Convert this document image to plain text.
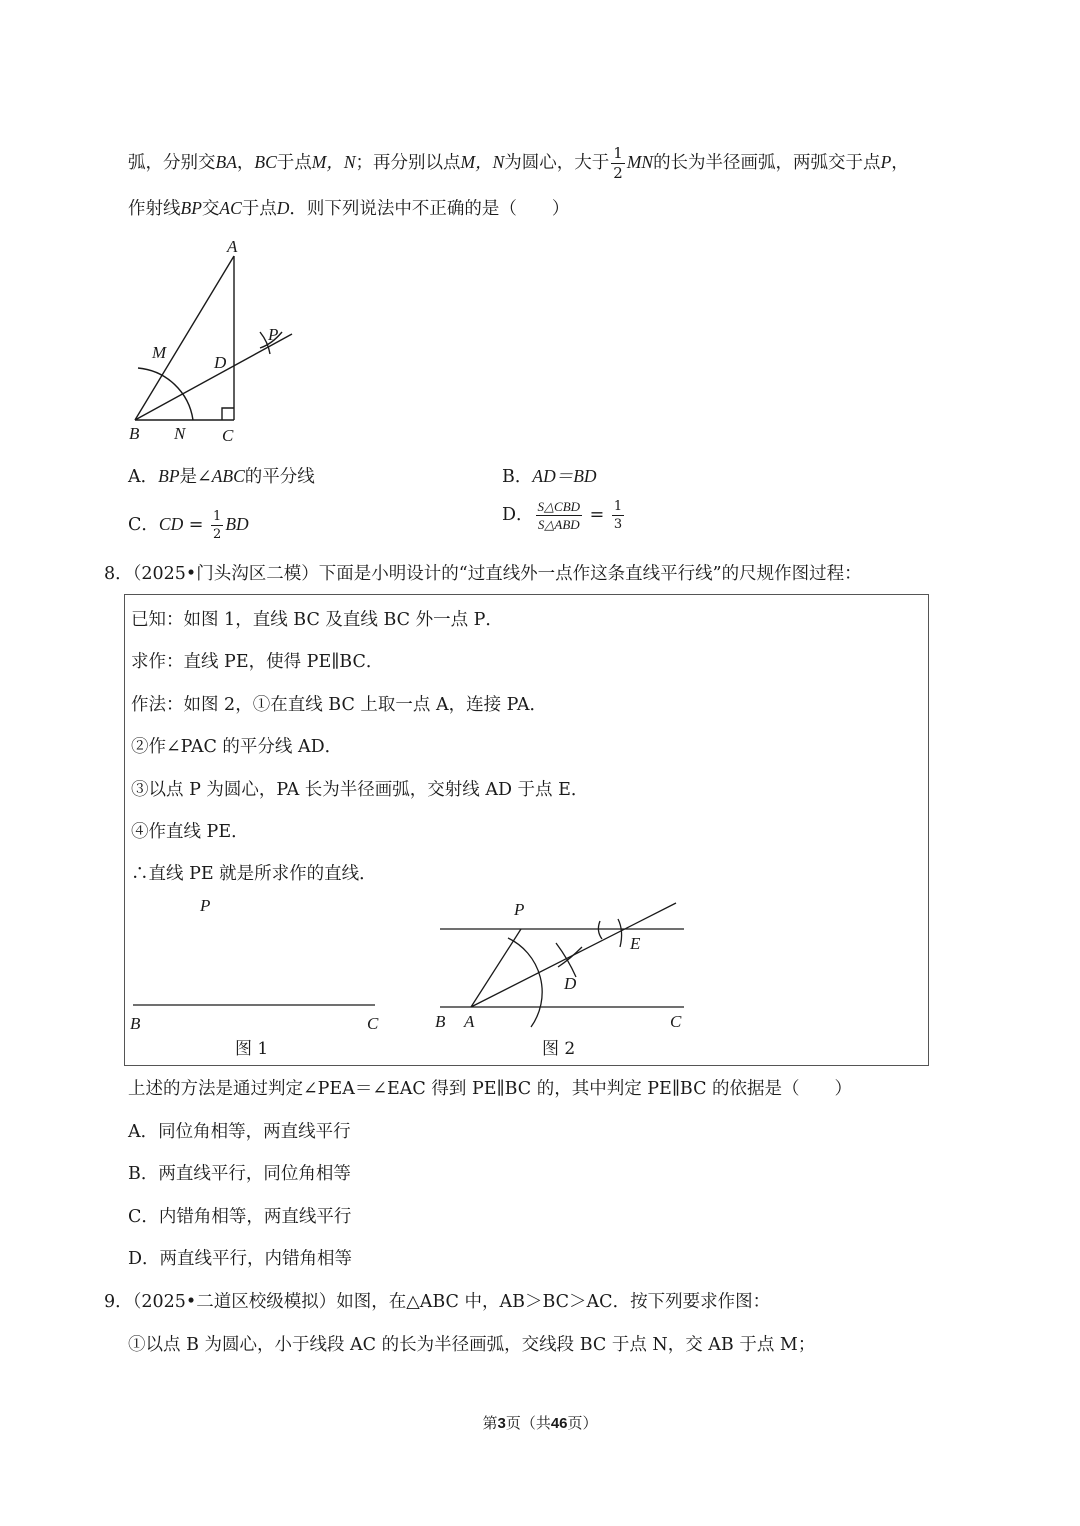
弧，分别交BA，BC于点M，N；再分别以点M，N为圆心，大于 $\frac{1}{2}$ MN的长为半径画弧，两弧交于点P，
作射线BP交AC于点D．则下列说法中不正确的是（　　）
A
M
P
D
B N C
A．BP是∠ABC的平分线	B．AD＝BD
C．CD = $\frac{1}{2}$ BD	D． $\frac{\text{S△CBD}}{\text{S△ABD}} = \frac{1}{3}$
8．（2025•门头沟区二模）下面是小明设计的“过直线外一点作这条直线平行线”的尺规作图过程：
已知：如图 1，直线 BC 及直线 BC 外一点 P．
求作：直线 PE，使得 PE∥BC．
作法：如图 2，①在直线 BC 上取一点 A，连接 PA．
②作∠PAC 的平分线 AD．
③以点 P 为圆心，PA 长为半径画弧，交射线 AD 于点 E．
④作直线 PE．
∴直线 PE 就是所求作的直线．
P
B	C
图 1
P
E
D
B A	C
图 2
上述的方法是通过判定∠PEA＝∠EAC 得到 PE∥BC 的，其中判定 PE∥BC 的依据是（　　）
A．同位角相等，两直线平行
B．两直线平行，同位角相等
C．内错角相等，两直线平行
D．两直线平行，内错角相等
9．（2025•二道区校级模拟）如图，在△ABC 中，AB＞BC＞AC．按下列要求作图：
①以点 B 为圆心，小于线段 AC 的长为半径画弧，交线段 BC 于点 N，交 AB 于点 M；
第3页（共46页）
